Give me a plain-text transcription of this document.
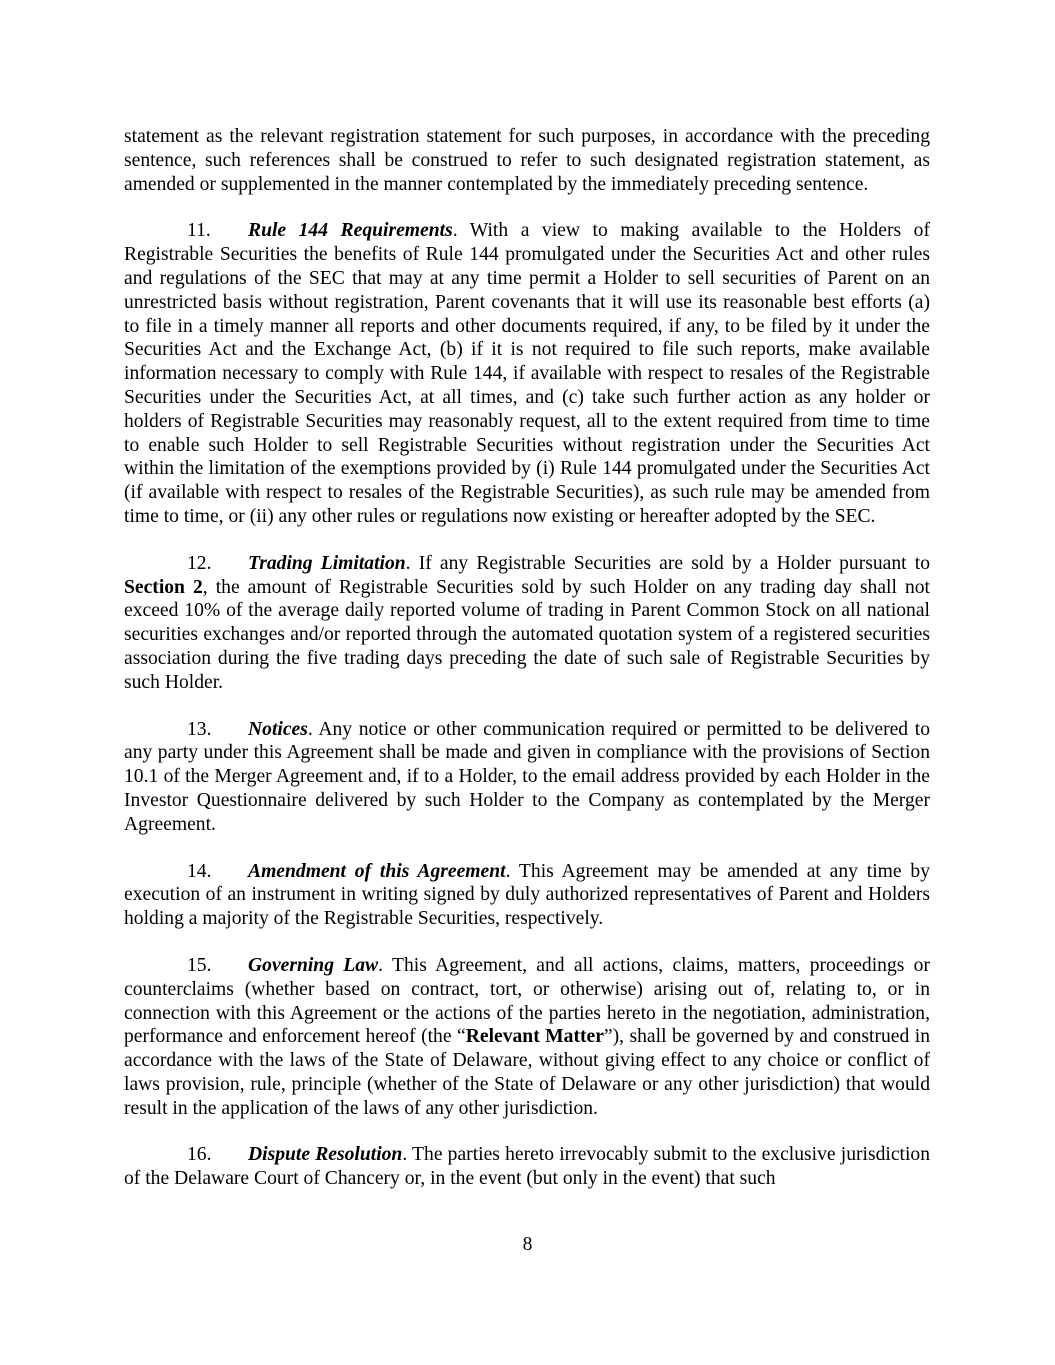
statement as the relevant registration statement for such purposes, in accordance with the preceding sentence, such references shall be construed to refer to such designated registration statement, as amended or supplemented in the manner contemplated by the immediately preceding sentence.

11. Rule 144 Requirements. With a view to making available to the Holders of Registrable Securities the benefits of Rule 144 promulgated under the Securities Act and other rules and regulations of the SEC that may at any time permit a Holder to sell securities of Parent on an unrestricted basis without registration, Parent covenants that it will use its reasonable best efforts (a) to file in a timely manner all reports and other documents required, if any, to be filed by it under the Securities Act and the Exchange Act, (b) if it is not required to file such reports, make available information necessary to comply with Rule 144, if available with respect to resales of the Registrable Securities under the Securities Act, at all times, and (c) take such further action as any holder or holders of Registrable Securities may reasonably request, all to the extent required from time to time to enable such Holder to sell Registrable Securities without registration under the Securities Act within the limitation of the exemptions provided by (i) Rule 144 promulgated under the Securities Act (if available with respect to resales of the Registrable Securities), as such rule may be amended from time to time, or (ii) any other rules or regulations now existing or hereafter adopted by the SEC.

12. Trading Limitation. If any Registrable Securities are sold by a Holder pursuant to Section 2, the amount of Registrable Securities sold by such Holder on any trading day shall not exceed 10% of the average daily reported volume of trading in Parent Common Stock on all national securities exchanges and/or reported through the automated quotation system of a registered securities association during the five trading days preceding the date of such sale of Registrable Securities by such Holder.

13. Notices. Any notice or other communication required or permitted to be delivered to any party under this Agreement shall be made and given in compliance with the provisions of Section 10.1 of the Merger Agreement and, if to a Holder, to the email address provided by each Holder in the Investor Questionnaire delivered by such Holder to the Company as contemplated by the Merger Agreement.

14. Amendment of this Agreement. This Agreement may be amended at any time by execution of an instrument in writing signed by duly authorized representatives of Parent and Holders holding a majority of the Registrable Securities, respectively.

15. Governing Law. This Agreement, and all actions, claims, matters, proceedings or counterclaims (whether based on contract, tort, or otherwise) arising out of, relating to, or in connection with this Agreement or the actions of the parties hereto in the negotiation, administration, performance and enforcement hereof (the “Relevant Matter”), shall be governed by and construed in accordance with the laws of the State of Delaware, without giving effect to any choice or conflict of laws provision, rule, principle (whether of the State of Delaware or any other jurisdiction) that would result in the application of the laws of any other jurisdiction.

16. Dispute Resolution. The parties hereto irrevocably submit to the exclusive jurisdiction of the Delaware Court of Chancery or, in the event (but only in the event) that such

8
